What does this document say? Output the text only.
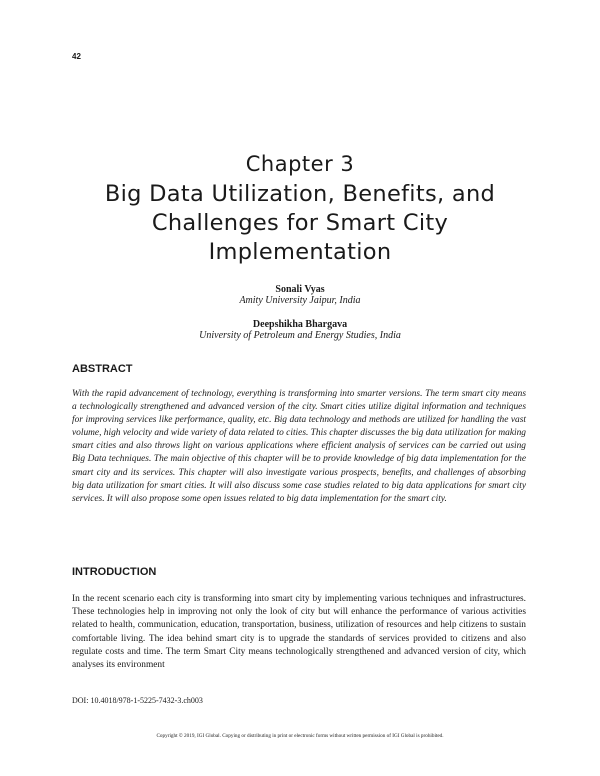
42
Chapter 3
Big Data Utilization, Benefits, and Challenges for Smart City Implementation
Sonali Vyas
Amity University Jaipur, India
Deepshikha Bhargava
University of Petroleum and Energy Studies, India
ABSTRACT
With the rapid advancement of technology, everything is transforming into smarter versions. The term smart city means a technologically strengthened and advanced version of the city. Smart cities utilize digital information and techniques for improving services like performance, quality, etc. Big data technology and methods are utilized for handling the vast volume, high velocity and wide variety of data related to cities. This chapter discusses the big data utilization for making smart cities and also throws light on various applications where efficient analysis of services can be carried out using Big Data techniques. The main objective of this chapter will be to provide knowledge of big data implementation for the smart city and its services. This chapter will also investigate various prospects, benefits, and challenges of absorbing big data utilization for smart cities. It will also discuss some case studies related to big data applications for smart city services. It will also propose some open issues related to big data implementation for the smart city.
INTRODUCTION
In the recent scenario each city is transforming into smart city by implementing various techniques and infrastructures. These technologies help in improving not only the look of city but will enhance the performance of various activities related to health, communication, education, transportation, business, utilization of resources and help citizens to sustain comfortable living. The idea behind smart city is to upgrade the standards of services provided to citizens and also regulate costs and time. The term Smart City means technologically strengthened and advanced version of city, which analyses its environment
DOI: 10.4018/978-1-5225-7432-3.ch003
Copyright © 2019, IGI Global. Copying or distributing in print or electronic forms without written permission of IGI Global is prohibited.
